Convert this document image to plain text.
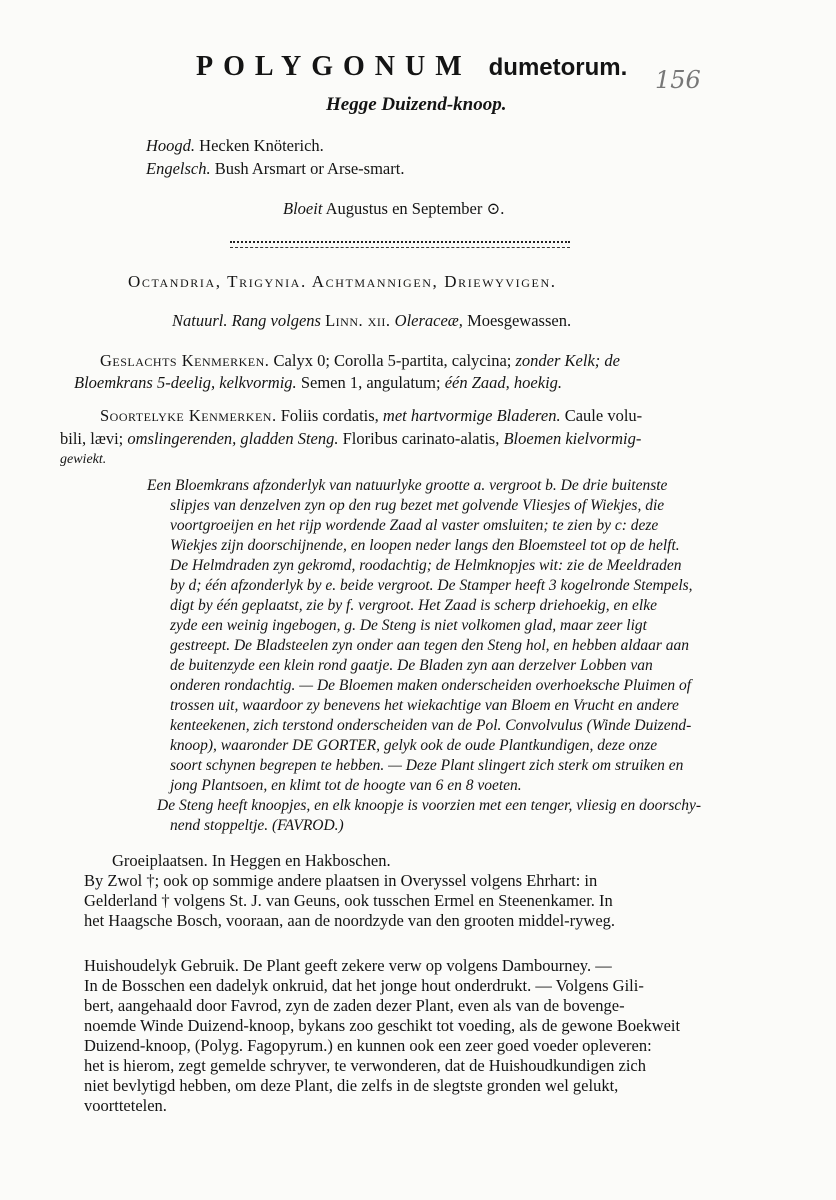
156
POLYGONUM dumetorum.
Hegge Duizend-knoop.
Hoogd. Hecken Knöterich.
Engelsch. Bush Arsmart or Arse-smart.
Bloeit Augustus en September ⊙.
Octandria, Trigynia. Achtmannigen, Driewyvigen.
Natuurl. Rang volgens Linn. xii. Oleraceæ, Moesgewassen.
Geslachts Kenmerken. Calyx 0; Corolla 5-partita, calycina; zonder Kelk; de
Bloemkrans 5-deelig, kelkvormig. Semen 1, angulatum; één Zaad, hoekig.
Soortelyke Kenmerken. Foliis cordatis, met hartvormige Bladeren. Caule volu-
bili, lævi; omslingerenden, gladden Steng. Floribus carinato-alatis, Bloemen kielvormig-
gewiekt.
Een Bloemkrans afzonderlyk van natuurlyke grootte a. vergroot b. De drie buitenste
slipjes van denzelven zyn op den rug bezet met golvende Vliesjes of Wiekjes, die
voortgroeijen en het rijp wordende Zaad al vaster omsluiten; te zien by c: deze
Wiekjes zijn doorschijnende, en loopen neder langs den Bloemsteel tot op de helft.
De Helmdraden zyn gekromd, roodachtig; de Helmknopjes wit: zie de Meeldraden
by d; één afzonderlyk by e. beide vergroot. De Stamper heeft 3 kogelronde Stempels,
digt by één geplaatst, zie by f. vergroot. Het Zaad is scherp driehoekig, en elke
zyde een weinig ingebogen, g. De Steng is niet volkomen glad, maar zeer ligt
gestreept. De Bladsteelen zyn onder aan tegen den Steng hol, en hebben aldaar aan
de buitenzyde een klein rond gaatje. De Bladen zyn aan derzelver Lobben van
onderen rondachtig. — De Bloemen maken onderscheiden overhoeksche Pluimen of
trossen uit, waardoor zy benevens het wiekachtige van Bloem en Vrucht en andere
kenteekenen, zich terstond onderscheiden van de Pol. Convolvulus (Winde Duizend-
knoop), waaronder DE GORTER, gelyk ook de oude Plantkundigen, deze onze
soort schynen begrepen te hebben. — Deze Plant slingert zich sterk om struiken en
jong Plantsoen, en klimt tot de hoogte van 6 en 8 voeten.
De Steng heeft knoopjes, en elk knoopje is voorzien met een tenger, vliesig en doorschy-
nend stoppeltje. (FAVROD.)
Groeiplaatsen. In Heggen en Hakboschen.
By Zwol †; ook op sommige andere plaatsen in Overyssel volgens Ehrhart: in
Gelderland † volgens St. J. van Geuns, ook tusschen Ermel en Steenenkamer. In
het Haagsche Bosch, vooraan, aan de noordzyde van den grooten middel-ryweg.
Huishoudelyk Gebruik. De Plant geeft zekere verw op volgens Dambourney. —
In de Bosschen een dadelyk onkruid, dat het jonge hout onderdrukt. — Volgens Gili-
bert, aangehaald door Favrod, zyn de zaden dezer Plant, even als van de bovenge-
noemde Winde Duizend-knoop, bykans zoo geschikt tot voeding, als de gewone Boekweit
Duizend-knoop, (Polyg. Fagopyrum.) en kunnen ook een zeer goed voeder opleveren:
het is hierom, zegt gemelde schryver, te verwonderen, dat de Huishoudkundigen zich
niet bevlytigd hebben, om deze Plant, die zelfs in de slegtste gronden wel gelukt,
voorttetelen.
